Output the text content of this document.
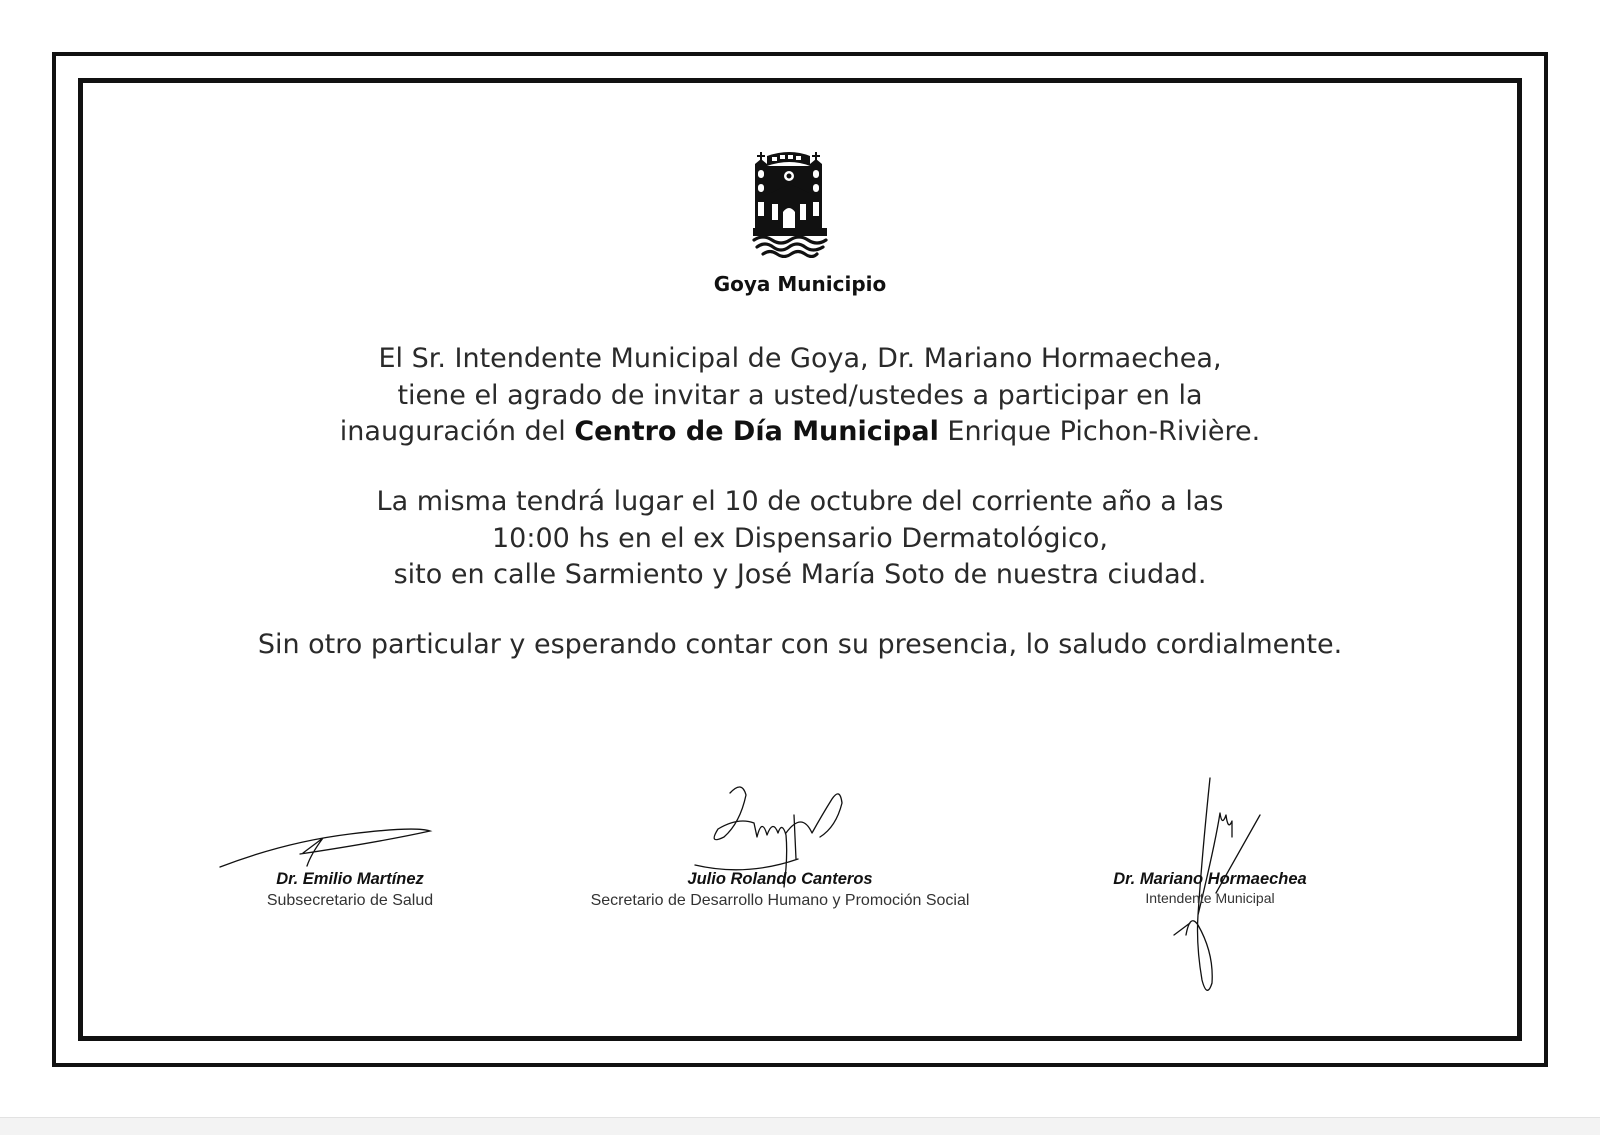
Goya Municipio
El Sr. Intendente Municipal de Goya, Dr. Mariano Hormaechea,
tiene el agrado de invitar a usted/ustedes a participar en la
inauguración del Centro de Día Municipal Enrique Pichon-Rivière.
La misma tendrá lugar el 10 de octubre del corriente año a las
10:00 hs en el ex Dispensario Dermatológico,
sito en calle Sarmiento y José María Soto de nuestra ciudad.
Sin otro particular y esperando contar con su presencia, lo saludo cordialmente.
Dr. Emilio Martínez
Subsecretario de Salud
Julio Rolando Canteros
Secretario de Desarrollo Humano y Promoción Social
Dr. Mariano Hormaechea
Intendente Municipal
